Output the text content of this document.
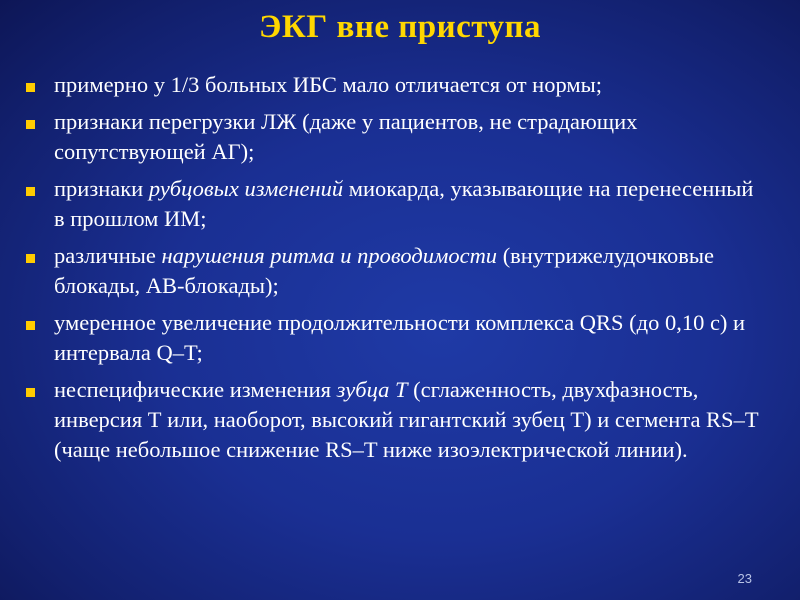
ЭКГ вне приступа
примерно у 1/3 больных ИБС мало отличается от нормы;
признаки перегрузки ЛЖ (даже у пациентов, не страдающих сопутствующей АГ);
признаки рубцовых изменений миокарда, указывающие на перенесенный в прошлом ИМ;
различные нарушения ритма и проводимости (внутрижелудочковые блокады, АВ-блокады);
умеренное увеличение продолжительности комплекса QRS (до 0,10 с) и интервала Q–T;
неспецифические изменения зубца Т (сглаженность, двухфазность, инверсия Т или, наоборот, высокий гигантский зубец Т) и сегмента RS–T (чаще небольшое снижение RS–T ниже изоэлектрической линии).
23
